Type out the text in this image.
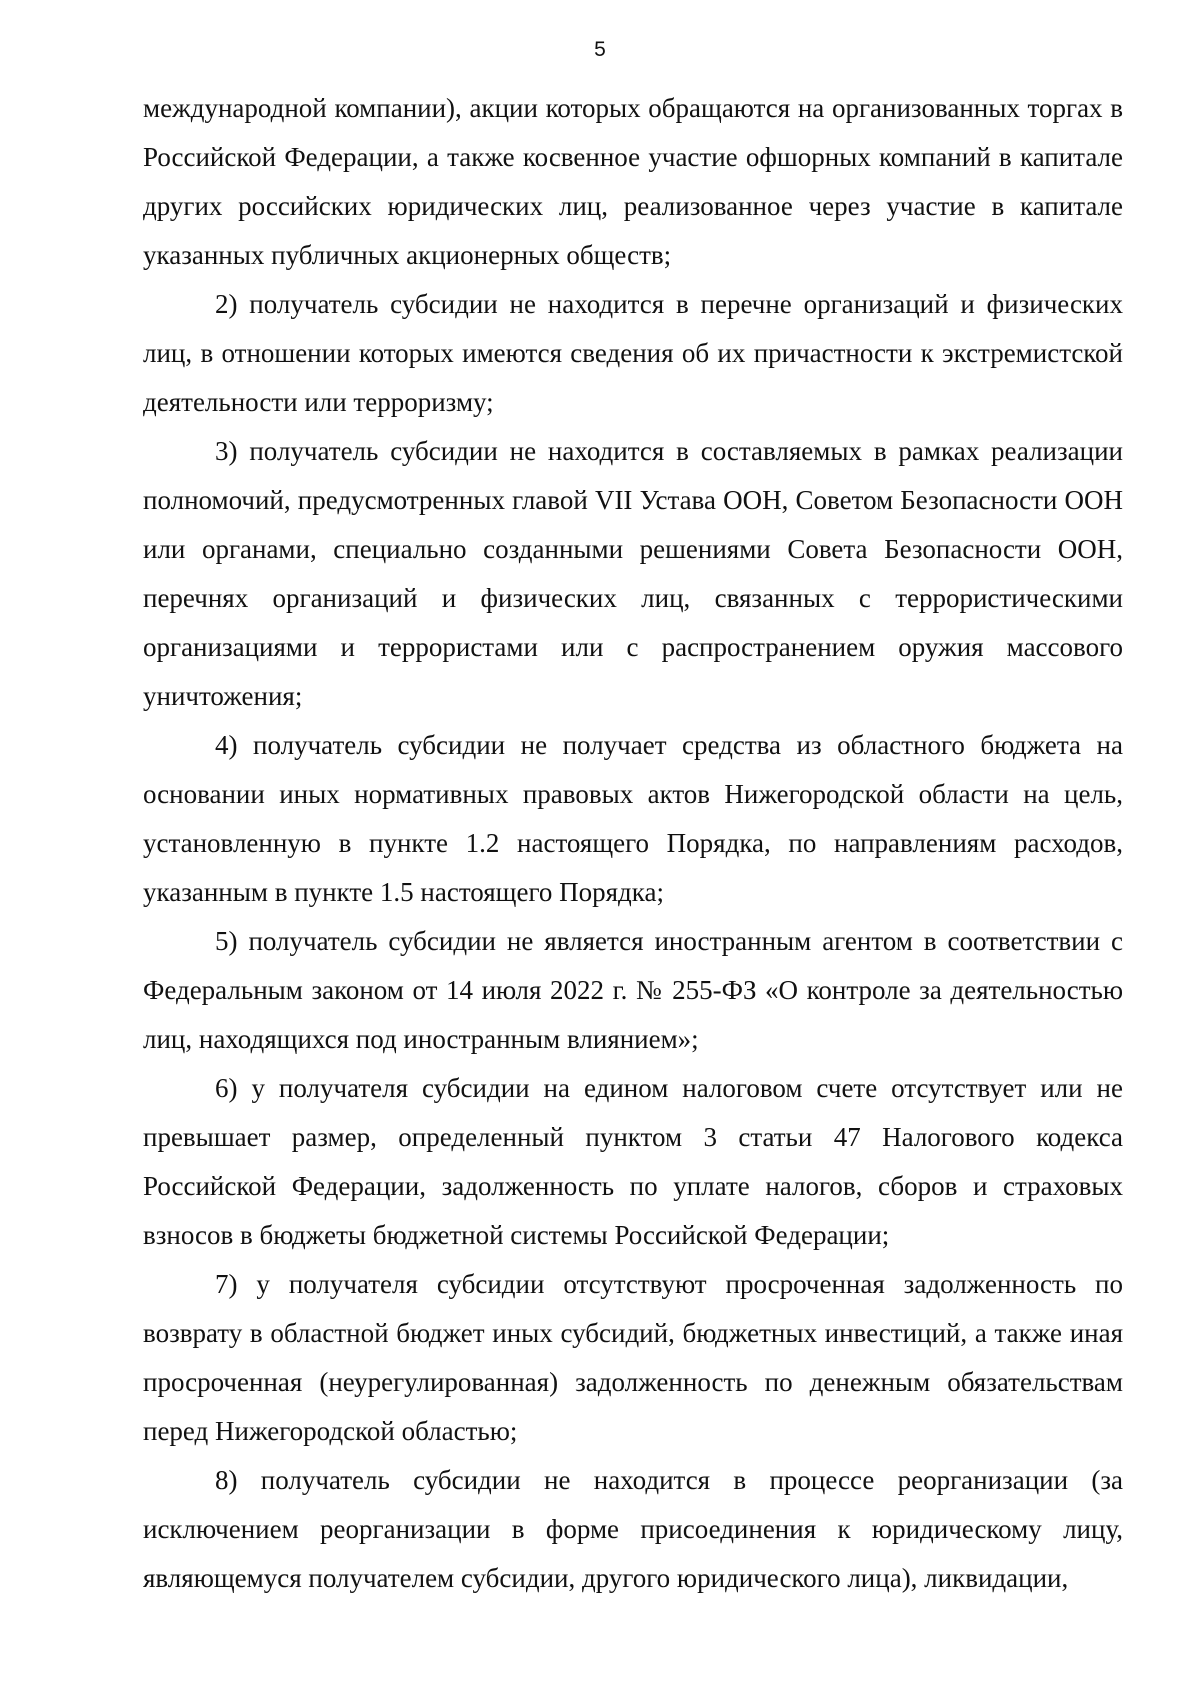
5

международной компании), акции которых обращаются на организованных торгах в Российской Федерации, а также косвенное участие офшорных компаний в капитале других российских юридических лиц, реализованное через участие в капитале указанных публичных акционерных обществ;

2) получатель субсидии не находится в перечне организаций и физических лиц, в отношении которых имеются сведения об их причастности к экстремистской деятельности или терроризму;

3) получатель субсидии не находится в составляемых в рамках реализации полномочий, предусмотренных главой VII Устава ООН, Советом Безопасности ООН или органами, специально созданными решениями Совета Безопасности ООН, перечнях организаций и физических лиц, связанных с террористическими организациями и террористами или с распространением оружия массового уничтожения;

4) получатель субсидии не получает средства из областного бюджета на основании иных нормативных правовых актов Нижегородской области на цель, установленную в пункте 1.2 настоящего Порядка, по направлениям расходов, указанным в пункте 1.5 настоящего Порядка;

5) получатель субсидии не является иностранным агентом в соответствии с Федеральным законом от 14 июля 2022 г. № 255-ФЗ «О контроле за деятельностью лиц, находящихся под иностранным влиянием»;

6) у получателя субсидии на едином налоговом счете отсутствует или не превышает размер, определенный пунктом 3 статьи 47 Налогового кодекса Российской Федерации, задолженность по уплате налогов, сборов и страховых взносов в бюджеты бюджетной системы Российской Федерации;

7) у получателя субсидии отсутствуют просроченная задолженность по возврату в областной бюджет иных субсидий, бюджетных инвестиций, а также иная просроченная (неурегулированная) задолженность по денежным обязательствам перед Нижегородской областью;

8) получатель субсидии не находится в процессе реорганизации (за исключением реорганизации в форме присоединения к юридическому лицу, являющемуся получателем субсидии, другого юридического лица), ликвидации,
